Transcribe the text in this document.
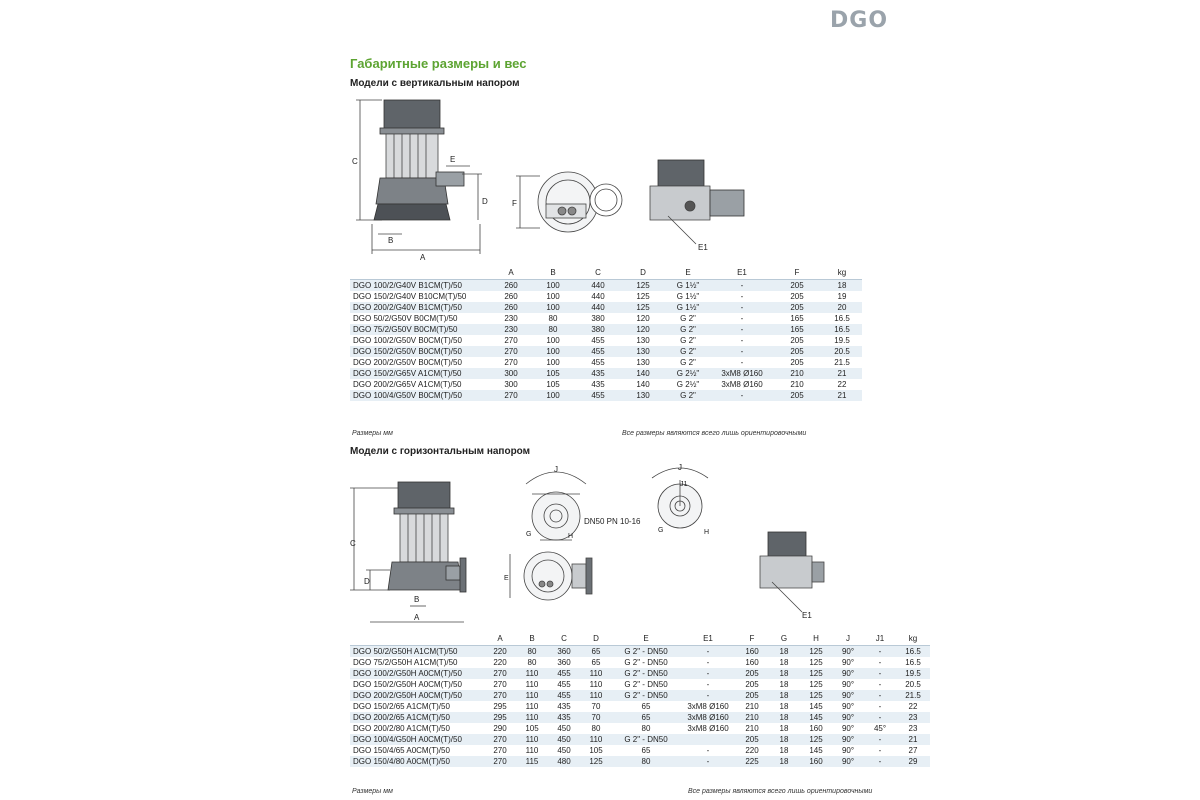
DGO
Габаритные размеры и вес
Модели с вертикальным напором
C
D
E
B
A
F
E1
	A	B	C	D	E	E1	F	kg
DGO 100/2/G40V B1CM(T)/50	260	100	440	125	G 1½"	-	205	18
DGO 150/2/G40V B10CM(T)/50	260	100	440	125	G 1½"	-	205	19
DGO 200/2/G40V B1CM(T)/50	260	100	440	125	G 1½"	-	205	20
DGO 50/2/G50V B0CM(T)/50	230	80	380	120	G 2"	-	165	16.5
DGO 75/2/G50V B0CM(T)/50	230	80	380	120	G 2"	-	165	16.5
DGO 100/2/G50V B0CM(T)/50	270	100	455	130	G 2"	-	205	19.5
DGO 150/2/G50V B0CM(T)/50	270	100	455	130	G 2"	-	205	20.5
DGO 200/2/G50V B0CM(T)/50	270	100	455	130	G 2"	-	205	21.5
DGO 150/2/G65V A1CM(T)/50	300	105	435	140	G 2½"	3xM8 Ø160	210	21
DGO 200/2/G65V A1CM(T)/50	300	105	435	140	G 2½"	3xM8 Ø160	210	22
DGO 100/4/G50V B0CM(T)/50	270	100	455	130	G 2"	-	205	21
Размеры мм	Все размеры являются всего лишь ориентировочными
Модели с горизонтальным напором
C
D
B
A
J
G	H
DN50 PN 10-16
E
J
J1
G	H
E1
	A	B	C	D	E	E1	F	G	H	J	J1	kg
DGO 50/2/G50H A1CM(T)/50	220	80	360	65	G 2" - DN50	-	160	18	125	90°	-	16.5
DGO 75/2/G50H A1CM(T)/50	220	80	360	65	G 2" - DN50	-	160	18	125	90°	-	16.5
DGO 100/2/G50H A0CM(T)/50	270	110	455	110	G 2" - DN50	-	205	18	125	90°	-	19.5
DGO 150/2/G50H A0CM(T)/50	270	110	455	110	G 2" - DN50	-	205	18	125	90°	-	20.5
DGO 200/2/G50H A0CM(T)/50	270	110	455	110	G 2" - DN50	-	205	18	125	90°	-	21.5
DGO 150/2/65 A1CM(T)/50	295	110	435	70	65	3xM8 Ø160	210	18	145	90°	-	22
DGO 200/2/65 A1CM(T)/50	295	110	435	70	65	3xM8 Ø160	210	18	145	90°	-	23
DGO 200/2/80 A1CM(T)/50	290	105	450	80	80	3xM8 Ø160	210	18	160	90°	45°	23
DGO 100/4/G50H A0CM(T)/50	270	110	450	110	G 2" - DN50		205	18	125	90°	-	21
DGO 150/4/65 A0CM(T)/50	270	110	450	105	65	-	220	18	145	90°	-	27
DGO 150/4/80 A0CM(T)/50	270	115	480	125	80	-	225	18	160	90°	-	29
Размеры мм	Все размеры являются всего лишь ориентировочными
